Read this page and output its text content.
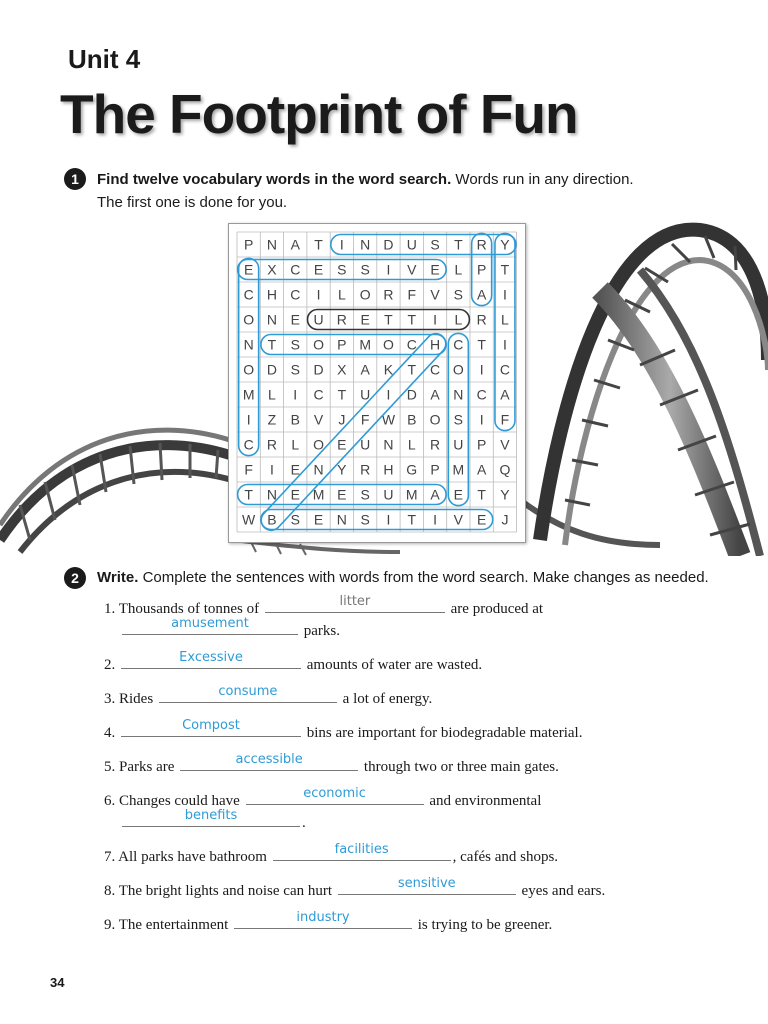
Unit 4
The Footprint of Fun
1	Find twelve vocabulary words in the word search. Words run in any direction.
The first one is done for you.
P N A T I N D U S T R Y
E X C E S S I V E L P T
C H C I L O R F V S A I
O N E U R E T T I L R L
N T S O P M O C H C T I
O D S D X A K T C O I C
M L I C T U I D A N C A
I Z B V J F W B O S I F
C R L O E U N L R U P V
F I E N Y R H G P M A Q
T N E M E S U M A E T Y
W B S E N S I T I V E J
2	Write. Complete the sentences with words from the word search. Make changes as needed.
1. Thousands of tonnes of	litter	are produced at
amusement	parks.
2.	Excessive	amounts of water are wasted.
3. Rides	consume	a lot of energy.
4.	Compost	bins are important for biodegradable material.
5. Parks are	accessible	through two or three main gates.
6. Changes could have	economic	and environmental
benefits	.
7. All parks have bathroom	facilities	, cafés and shops.
8. The bright lights and noise can hurt	sensitive	eyes and ears.
9. The entertainment	industry	is trying to be greener.
34
